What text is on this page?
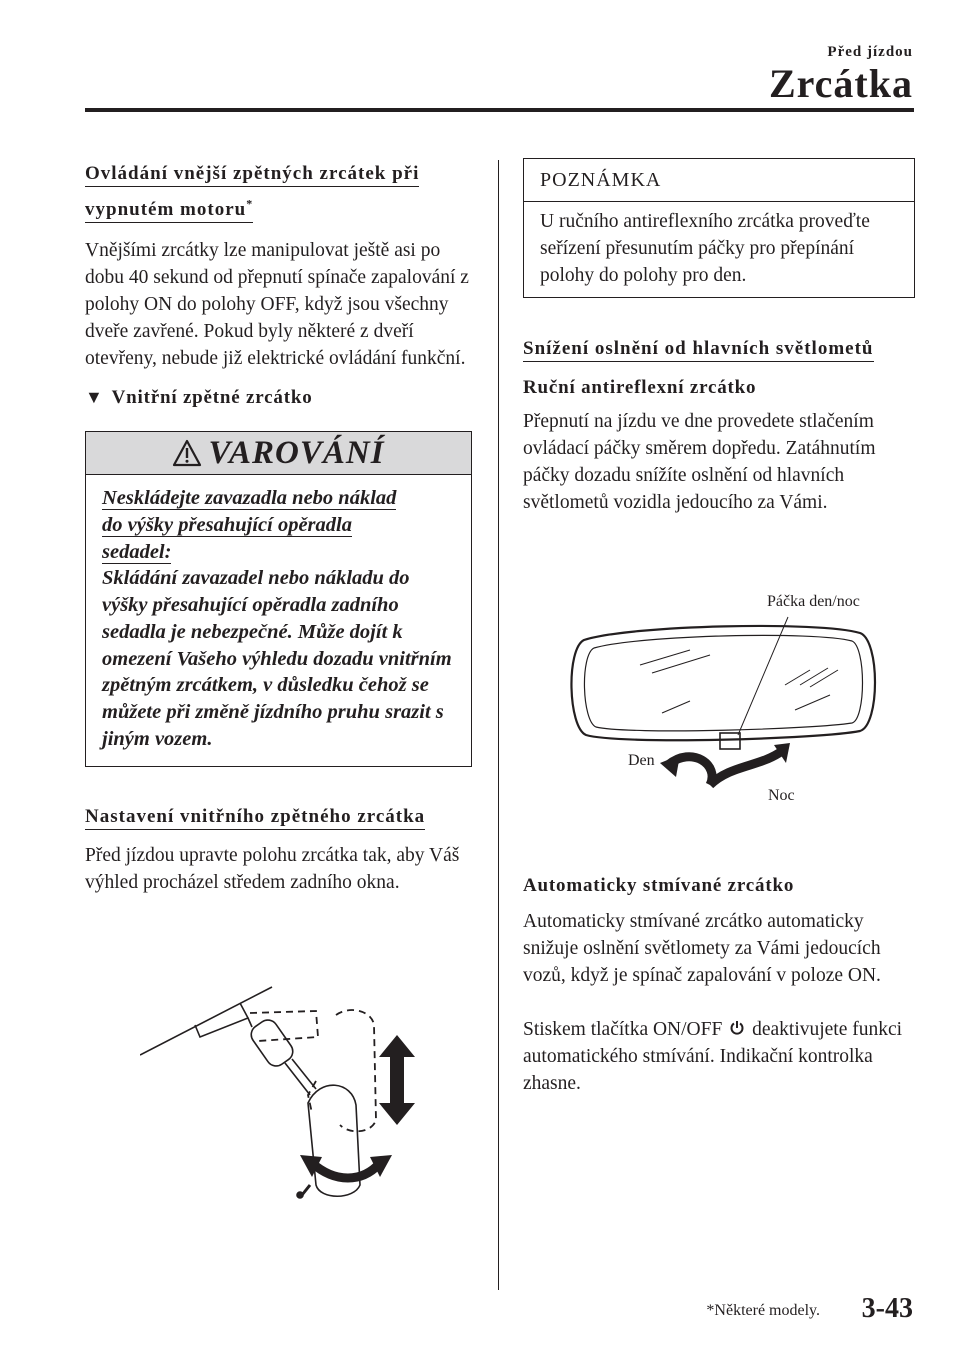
Před jízdou
Zrcátka
Ovládání vnější zpětných zrcátek při
vypnutém motoru*

Vnějšími zrcátky lze manipulovat ještě asi po dobu 40 sekund od přepnutí spínače zapalování z polohy ON do polohy OFF, když jsou všechny dveře zavřené. Pokud byly některé z dveří otevřeny, nebude již elektrické ovládání funkční.

▼ Vnitřní zpětné zrcátko
VAROVÁNÍ
Neskládejte zavazadla nebo náklad
do výšky přesahující opěradla
sedadel:
Skládání zavazadel nebo nákladu do výšky přesahující opěradla zadního sedadla je nebezpečné. Může dojít k omezení Vašeho výhledu dozadu vnitřním zpětným zrcátkem, v důsledku čehož se můžete při změně jízdního pruhu srazit s jiným vozem.
Nastavení vnitřního zpětného zrcátka

Před jízdou upravte polohu zrcátka tak, aby Váš výhled procházel středem zadního okna.

POZNÁMKA
U ručního antireflexního zrcátka proveďte seřízení přesunutím páčky pro přepínání polohy do polohy pro den.
Snížení oslnění od hlavních světlometů
Ruční antireflexní zrcátko

Přepnutí na jízdu ve dne provedete stlačením ovládací páčky směrem dopředu. Zatáhnutím páčky dozadu snížíte oslnění od hlavních světlometů vozidla jedoucího za Vámi.

Páčka den/noc
Den
Noc
Automaticky stmívané zrcátko

Automaticky stmívané zrcátko automaticky snižuje oslnění světlomety za Vámi jedoucích vozů, když je spínač zapalování v poloze ON.

Stiskem tlačítka ON/OFF deaktivujete funkci automatického stmívání. Indikační kontrolka zhasne.

*Některé modely. 3-43
